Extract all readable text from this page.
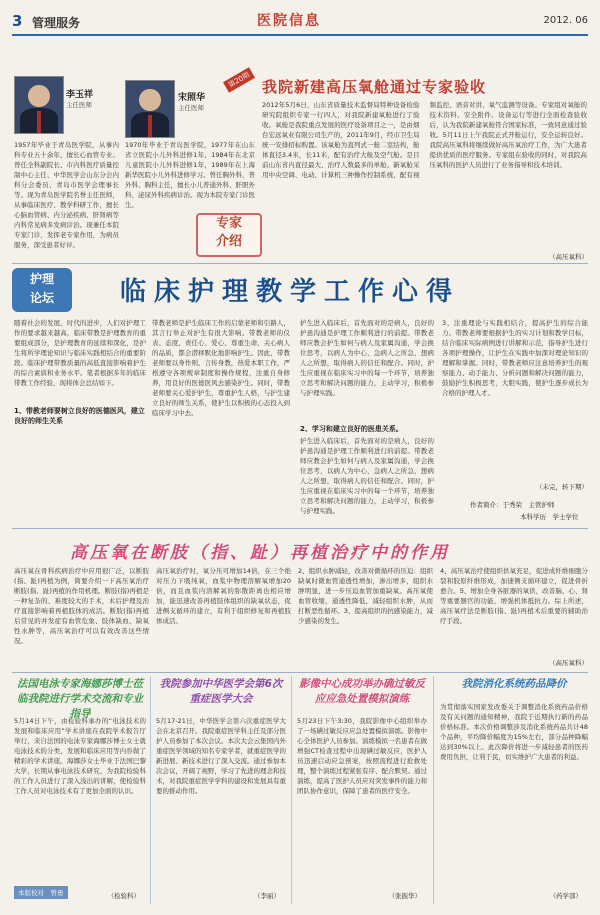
3 管理服务	医院信息	2012. 06
李玉祥
主任医师
宋照华
主任医师
第20期
1957年毕业于青岛医学院，从事内科专业五十余年，擅长心血管专业。曾任全科副院长、市内科医疗质量控制中心主任、中华医学会山东分会内科分会委员、青岛市医学会理事长等。现为青岛医学院名誉主任医师，从事临床医疗、教学科研工作，擅长心脑血管病、内分泌疾病、肝肾病等内科常见病多发病诊治。现兼任本院专家门诊，发挥老专家作用，为病员服务，深受患者好评。
1970年毕业于青岛医学院，1977年在山东省立医院小儿外科进修1年，1984年在北京儿童医院小儿外科进修1年，1989年在上海新华医院小儿外科进修学习。曾任胸外科、普外科、胸科主任，擅长小儿普通外科、肝胆外科、泌尿外科疾病诊治。现为本院专家门诊医生。
专家
介绍
我院新建高压氧舱通过专家验收
2012年5月6日，山东省质量技术监督局特种设备检验研究院组织专家一行四人，对我院新建氧舱进行了验收。氧舱是我院重点发展的医疗设备项目之一，是由烟台宏远氧业有限公司生产的，2011年9月，经市卫生局统一安排招标购置。该氧舱为直列式一舱二室结构，舱体直径3.4米，长11米，配有治疗大舱及空气舱。是目前山东省内直径最大、治疗人数最多的单舱。新氧舱采用中央空调、电动、计算机三种操作控制系统，配有视频监控、语音对讲、氧气监测等设备。专家组对氧舱的技术资料、安全附件、设备运行等进行全面检查验收后，认为我院新建氧舱符合国家标准，一致同意通过验收。5月11日上午我院正式开舱运行，安全运转良好。我院高压氧科将继续做好高压氧治疗工作，为广大患者提供优质的医疗服务。专家组在验收的同时，对我院高压氧科的医护人员进行了业务指导和技术培训。
（高压氧科）
护理
论坛	临床护理教学工作心得
随着社会的发展，时代的进步，人们对护理工作的要求越来越高，临床带教是护理教育的重要组成部分，是护理教育的延续和深化，是护生将所学理论知识与临床实践相结合的重要阶段。临床护理带教质量的高低直接影响着护生的综合素质和业务水平。笔者根据多年的临床带教工作经验，现将体会总结如下。
1、带教老师要树立良好的医德医风，建立良好的师生关系
带教老师是护生临床工作的启蒙老师和引路人，其言行举止对护生有很大影响。带教老师的仪表、态度、责任心、爱心、尊重生命、关心病人的品质，都会潜移默化地影响护生。因此，带教老师要以身作则、言传身教，热爱本职工作，严格遵守各项规章制度和操作规程，注重自身修养，用良好的医德医风去感染护生。同时，带教老师要关心爱护护生，尊重护生人格，与护生建立良好的师生关系，使护生以积极的心态投入到临床学习中去。
2、学习和建立良好的医患关系。
护生进入临床后，首先面对的是病人，良好的护患沟通是护理工作顺利进行的前提。带教老师应教会护生如何与病人及家属沟通，学会换位思考，以病人为中心，急病人之所急，想病人之所想，取得病人的信任和配合。同时，护生应重视在临床实习中的每一个环节，培养独立思考和解决问题的能力，主动学习，积极参与护理实践。
护生进入临床后，首先面对的是病人，良好的护患沟通是护理工作顺利进行的前提。带教老师应教会护生如何与病人及家属沟通，学会换位思考，以病人为中心，急病人之所急，想病人之所想，取得病人的信任和配合。同时，护生应重视在临床实习中的每一个环节，培养独立思考和解决问题的能力，主动学习，积极参与护理实践。
3、注重理论与实践相结合，提高护生的综合能力。带教老师要根据护生的实习计划和教学目标，结合临床实际病例进行讲解和示范，指导护生进行各项护理操作，让护生在实践中加深对理论知识的理解和掌握。同时，带教老师应注意培养护生的观察能力、动手能力、分析问题和解决问题的能力，鼓励护生积极思考，大胆实践，使护生逐步成长为合格的护理人才。
（未完，转下期）
作者简介：于秀荣　主管护师
本科学历　学士学位
高压氧在断肢（指、趾）再植治疗中的作用
高压氧在骨科疾病治疗中应用很广泛，以断肢(指、趾)再植为例，简要介绍一下高压氧治疗断肢(指、趾)再植的作用机理。断肢(指)再植是一种复杂的、难度较大的手术，术后护理及治疗直接影响着再植肢体的成活。断肢(指)再植后常见的并发症有血管危象、肢体缺血、缺氧性水肿等，高压氧治疗可以有效改善这些情况。
高压氧治疗时，氧分压可增加14倍，在三个绝对压力下吸纯氧，血浆中物理溶解氧增加20倍，而且血浆内溶解氧的弥散距离也相应增加，能迅速改善再植肢体组织的缺氧状态，促进侧支循环的建立，有利于组织修复和再植肢体成活。
2、组织水肿减轻，改善对微循环的压迫：组织缺氧时微血管通透性增加，渗出增多，组织水肿明显，进一步压迫血管加重缺氧。高压氧使血管收缩，通透性降低，减轻组织水肿，从而打断恶性循环。3、提高组织的抗感染能力，减少感染的发生。
4、高压氧治疗使组织供氧充足，促进成纤维细胞分裂和胶原纤维形成，加速侧支循环建立，促进骨折愈合。5、增加全身各脏器的氧供，改善脑、心、肾等重要器官的功能，增强机体抵抗力。综上所述，高压氧疗法是断肢(指、趾)再植术后重要的辅助治疗手段。
（高压氧科）
法国电泳专家海娜莎博士莅临我院进行学术交流和专业指导
5月14日下午，由检验科承办的“电泳技术的发展和临床应用”学术讲座在我院学术报告厅举行，来自法国的电泳专家海娜莎博士女士就电泳技术的分类、发展和临床应用等内容做了精彩的学术讲座。海娜莎女士毕业于法国巴黎大学，长期从事电泳技术研究，为我院检验科的工作人员进行了深入浅出的讲解，使检验科工作人员对电泳技术有了更加全面的认识。
（检验科）
我院参加中华医学会第6次重症医学大会
5月17-21日，中华医学会第六次重症医学大会在北京召开。我院重症医学科主任及部分医护人员参加了本次会议。本次大会云集国内外重症医学领域的知名专家学者，就重症医学的新进展、新技术进行了深入交流。通过参加本次会议，开阔了视野，学习了先进的理念和技术，对我院重症医学学科的建设和发展具有重要的推动作用。
（李丽）
影像中心成功举办确过敏反应应急处置模拟演练
5月23日下午3:30，我院影像中心组织举办了一场碘过敏反应应急处置模拟演练。影像中心全体医护人员参加。演练模拟一名患者在做增强CT检查过程中出现碘过敏反应，医护人员迅速启动应急预案，按照流程进行抢救处理，整个演练过程紧张有序、配合默契。通过演练，提高了医护人员应对突发事件的能力和团队协作意识，保障了患者的医疗安全。
（张振华）
我院消化系统药品降价
为贯彻落实国家发改委关于调整消化系统药品价格及有关问题的通知精神，我院于近期执行新的药品价格标准。本次价格调整涉及消化系统药品共计48个品种，平均降价幅度为15%左右，部分品种降幅达到30%以上。此次降价将进一步减轻患者的医药费用负担，让利于民，切实维护广大患者的利益。
（药学部）
本版校对　曾勇
